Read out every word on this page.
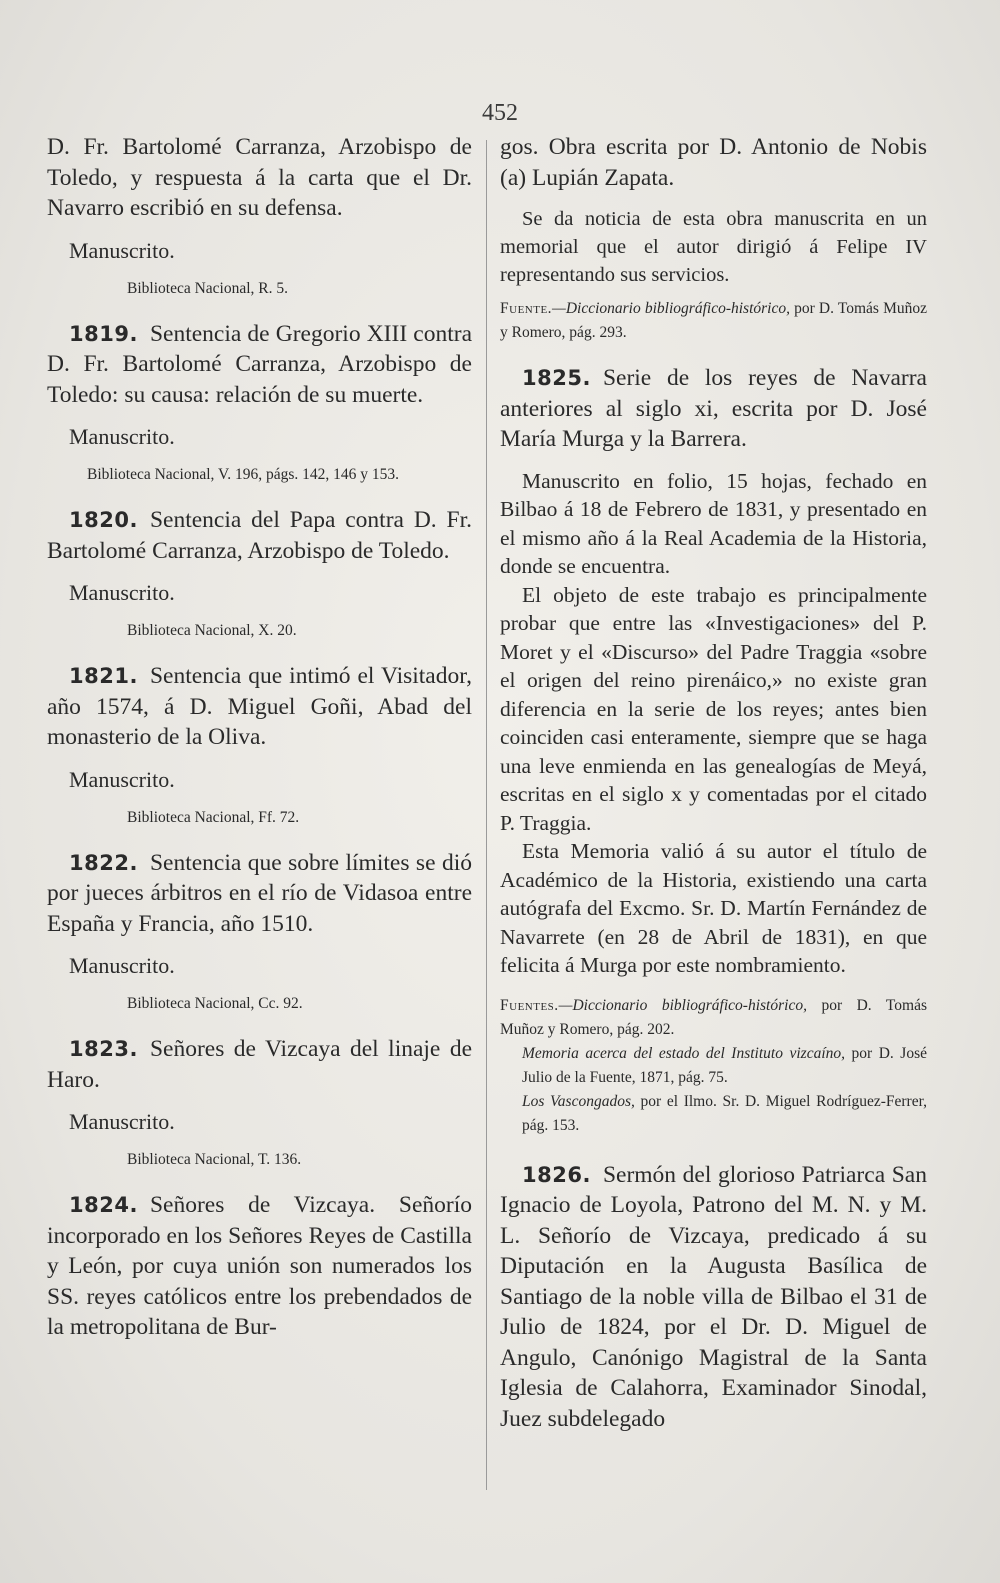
452

D. Fr. Bartolomé Carranza, Arzobispo de Toledo, y respuesta á la carta que el Dr. Navarro escribió en su defensa.

Manuscrito.
Biblioteca Nacional, R. 5.

1819. Sentencia de Gregorio XIII contra D. Fr. Bartolomé Carranza, Arzobispo de Toledo: su causa: relación de su muerte.

Manuscrito.
Biblioteca Nacional, V. 196, págs. 142, 146 y 153.

1820. Sentencia del Papa contra D. Fr. Bartolomé Carranza, Arzobispo de Toledo.

Manuscrito.
Biblioteca Nacional, X. 20.

1821. Sentencia que intimó el Visitador, año 1574, á D. Miguel Goñi, Abad del monasterio de la Oliva.

Manuscrito.
Biblioteca Nacional, Ff. 72.

1822. Sentencia que sobre límites se dió por jueces árbitros en el río de Vidasoa entre España y Francia, año 1510.

Manuscrito.
Biblioteca Nacional, Cc. 92.

1823. Señores de Vizcaya del linaje de Haro.

Manuscrito.
Biblioteca Nacional, T. 136.

1824. Señores de Vizcaya. Señorío incorporado en los Señores Reyes de Castilla y León, por cuya unión son numerados los SS. reyes católicos entre los prebendados de la metropolitana de Bur-

gos. Obra escrita por D. Antonio de Nobis (a) Lupián Zapata.

Se da noticia de esta obra manuscrita en un memorial que el autor dirigió á Felipe IV representando sus servicios.
Fuente.—Diccionario bibliográfico-histórico, por D. Tomás Muñoz y Romero, pág. 293.

1825. Serie de los reyes de Navarra anteriores al siglo xi, escrita por D. José María Murga y la Barrera.

Manuscrito en folio, 15 hojas, fechado en Bilbao á 18 de Febrero de 1831, y presentado en el mismo año á la Real Academia de la Historia, donde se encuentra.
El objeto de este trabajo es principalmente probar que entre las «Investigaciones» del P. Moret y el «Discurso» del Padre Traggia «sobre el origen del reino pirenáico,» no existe gran diferencia en la serie de los reyes; antes bien coinciden casi enteramente, siempre que se haga una leve enmienda en las genealogías de Meyá, escritas en el siglo x y comentadas por el citado P. Traggia.
Esta Memoria valió á su autor el título de Académico de la Historia, existiendo una carta autógrafa del Excmo. Sr. D. Martín Fernández de Navarrete (en 28 de Abril de 1831), en que felicita á Murga por este nombramiento.
Fuentes.—Diccionario bibliográfico-histórico, por D. Tomás Muñoz y Romero, pág. 202.
Memoria acerca del estado del Instituto vizcaíno, por D. José Julio de la Fuente, 1871, pág. 75.
Los Vascongados, por el Ilmo. Sr. D. Miguel Rodríguez-Ferrer, pág. 153.

1826. Sermón del glorioso Patriarca San Ignacio de Loyola, Patrono del M. N. y M. L. Señorío de Vizcaya, predicado á su Diputación en la Augusta Basílica de Santiago de la noble villa de Bilbao el 31 de Julio de 1824, por el Dr. D. Miguel de Angulo, Canónigo Magistral de la Santa Iglesia de Calahorra, Examinador Sinodal, Juez subdelegado
